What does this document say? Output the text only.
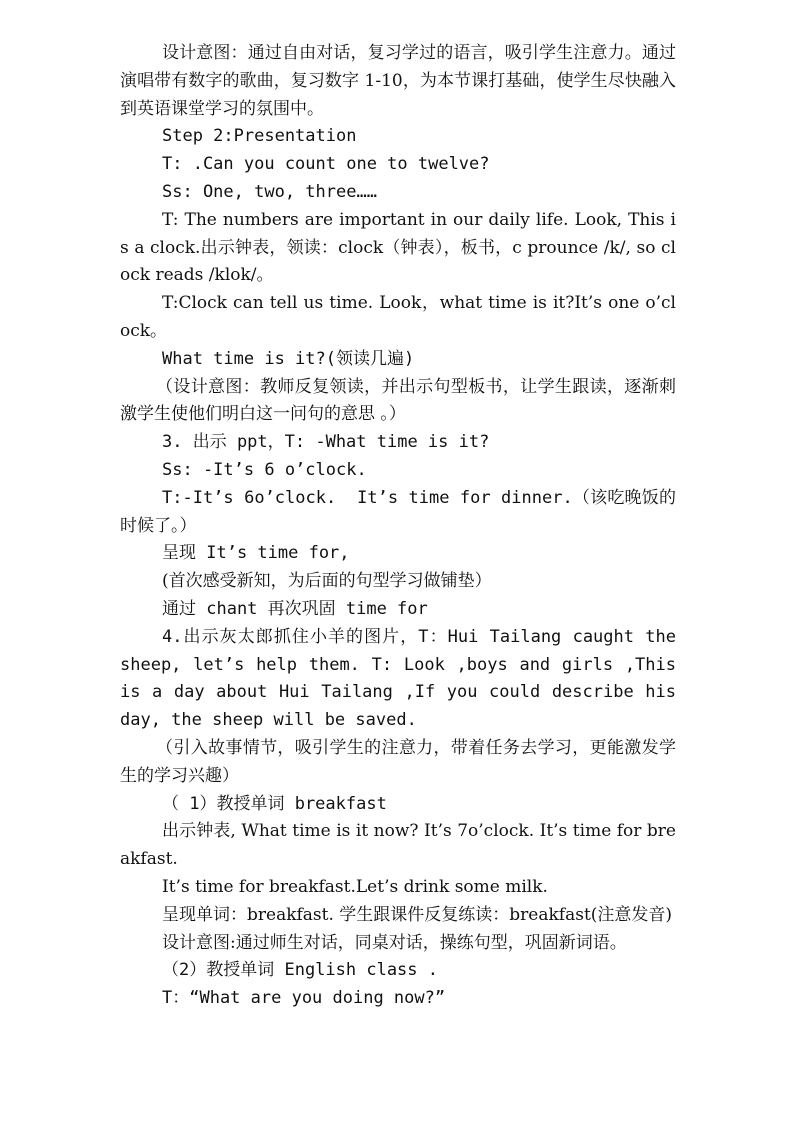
设计意图：通过自由对话，复习学过的语言，吸引学生注意力。通过演唱带有数字的歌曲，复习数字 1-10，为本节课打基础，使学生尽快融入到英语课堂学习的氛围中。

Step 2:Presentation

T: .Can you count one to twelve?

Ss: One, two, three……

T: The numbers are important in our daily life. Look, This is a clock.出示钟表，领读：clock（钟表），板书，c prounce /k/, so clock reads /klok/。

T:Clock can tell us time. Look，what time is it?It’s one o’clock。

What time is it?(领读几遍)

（设计意图：教师反复领读，并出示句型板书，让学生跟读，逐渐刺激学生使他们明白这一问句的意思 。）

3. 出示 ppt，T: -What time is it?

Ss: -It’s 6 o’clock.

T:-It’s 6o’clock.  It’s time for dinner.（该吃晚饭的时候了。）

呈现 It’s time for,

(首次感受新知，为后面的句型学习做铺垫）

通过 chant 再次巩固 time for

4.出示灰太郎抓住小羊的图片，T：Hui Tailang caught the sheep, let’s help them. T: Look ,boys and girls ,This is a day about Hui Tailang ,If you could describe his day, the sheep will be saved.

（引入故事情节，吸引学生的注意力，带着任务去学习，更能激发学生的学习兴趣）

（ 1）教授单词 breakfast

出示钟表, What time is it now? It’s 7o’clock. It’s time for breakfast.

It’s time for breakfast.Let’s drink some milk.

呈现单词：breakfast. 学生跟课件反复练读：breakfast(注意发音)

设计意图:通过师生对话，同桌对话，操练句型，巩固新词语。

（2）教授单词 English class .

T：“What are you doing now?”
